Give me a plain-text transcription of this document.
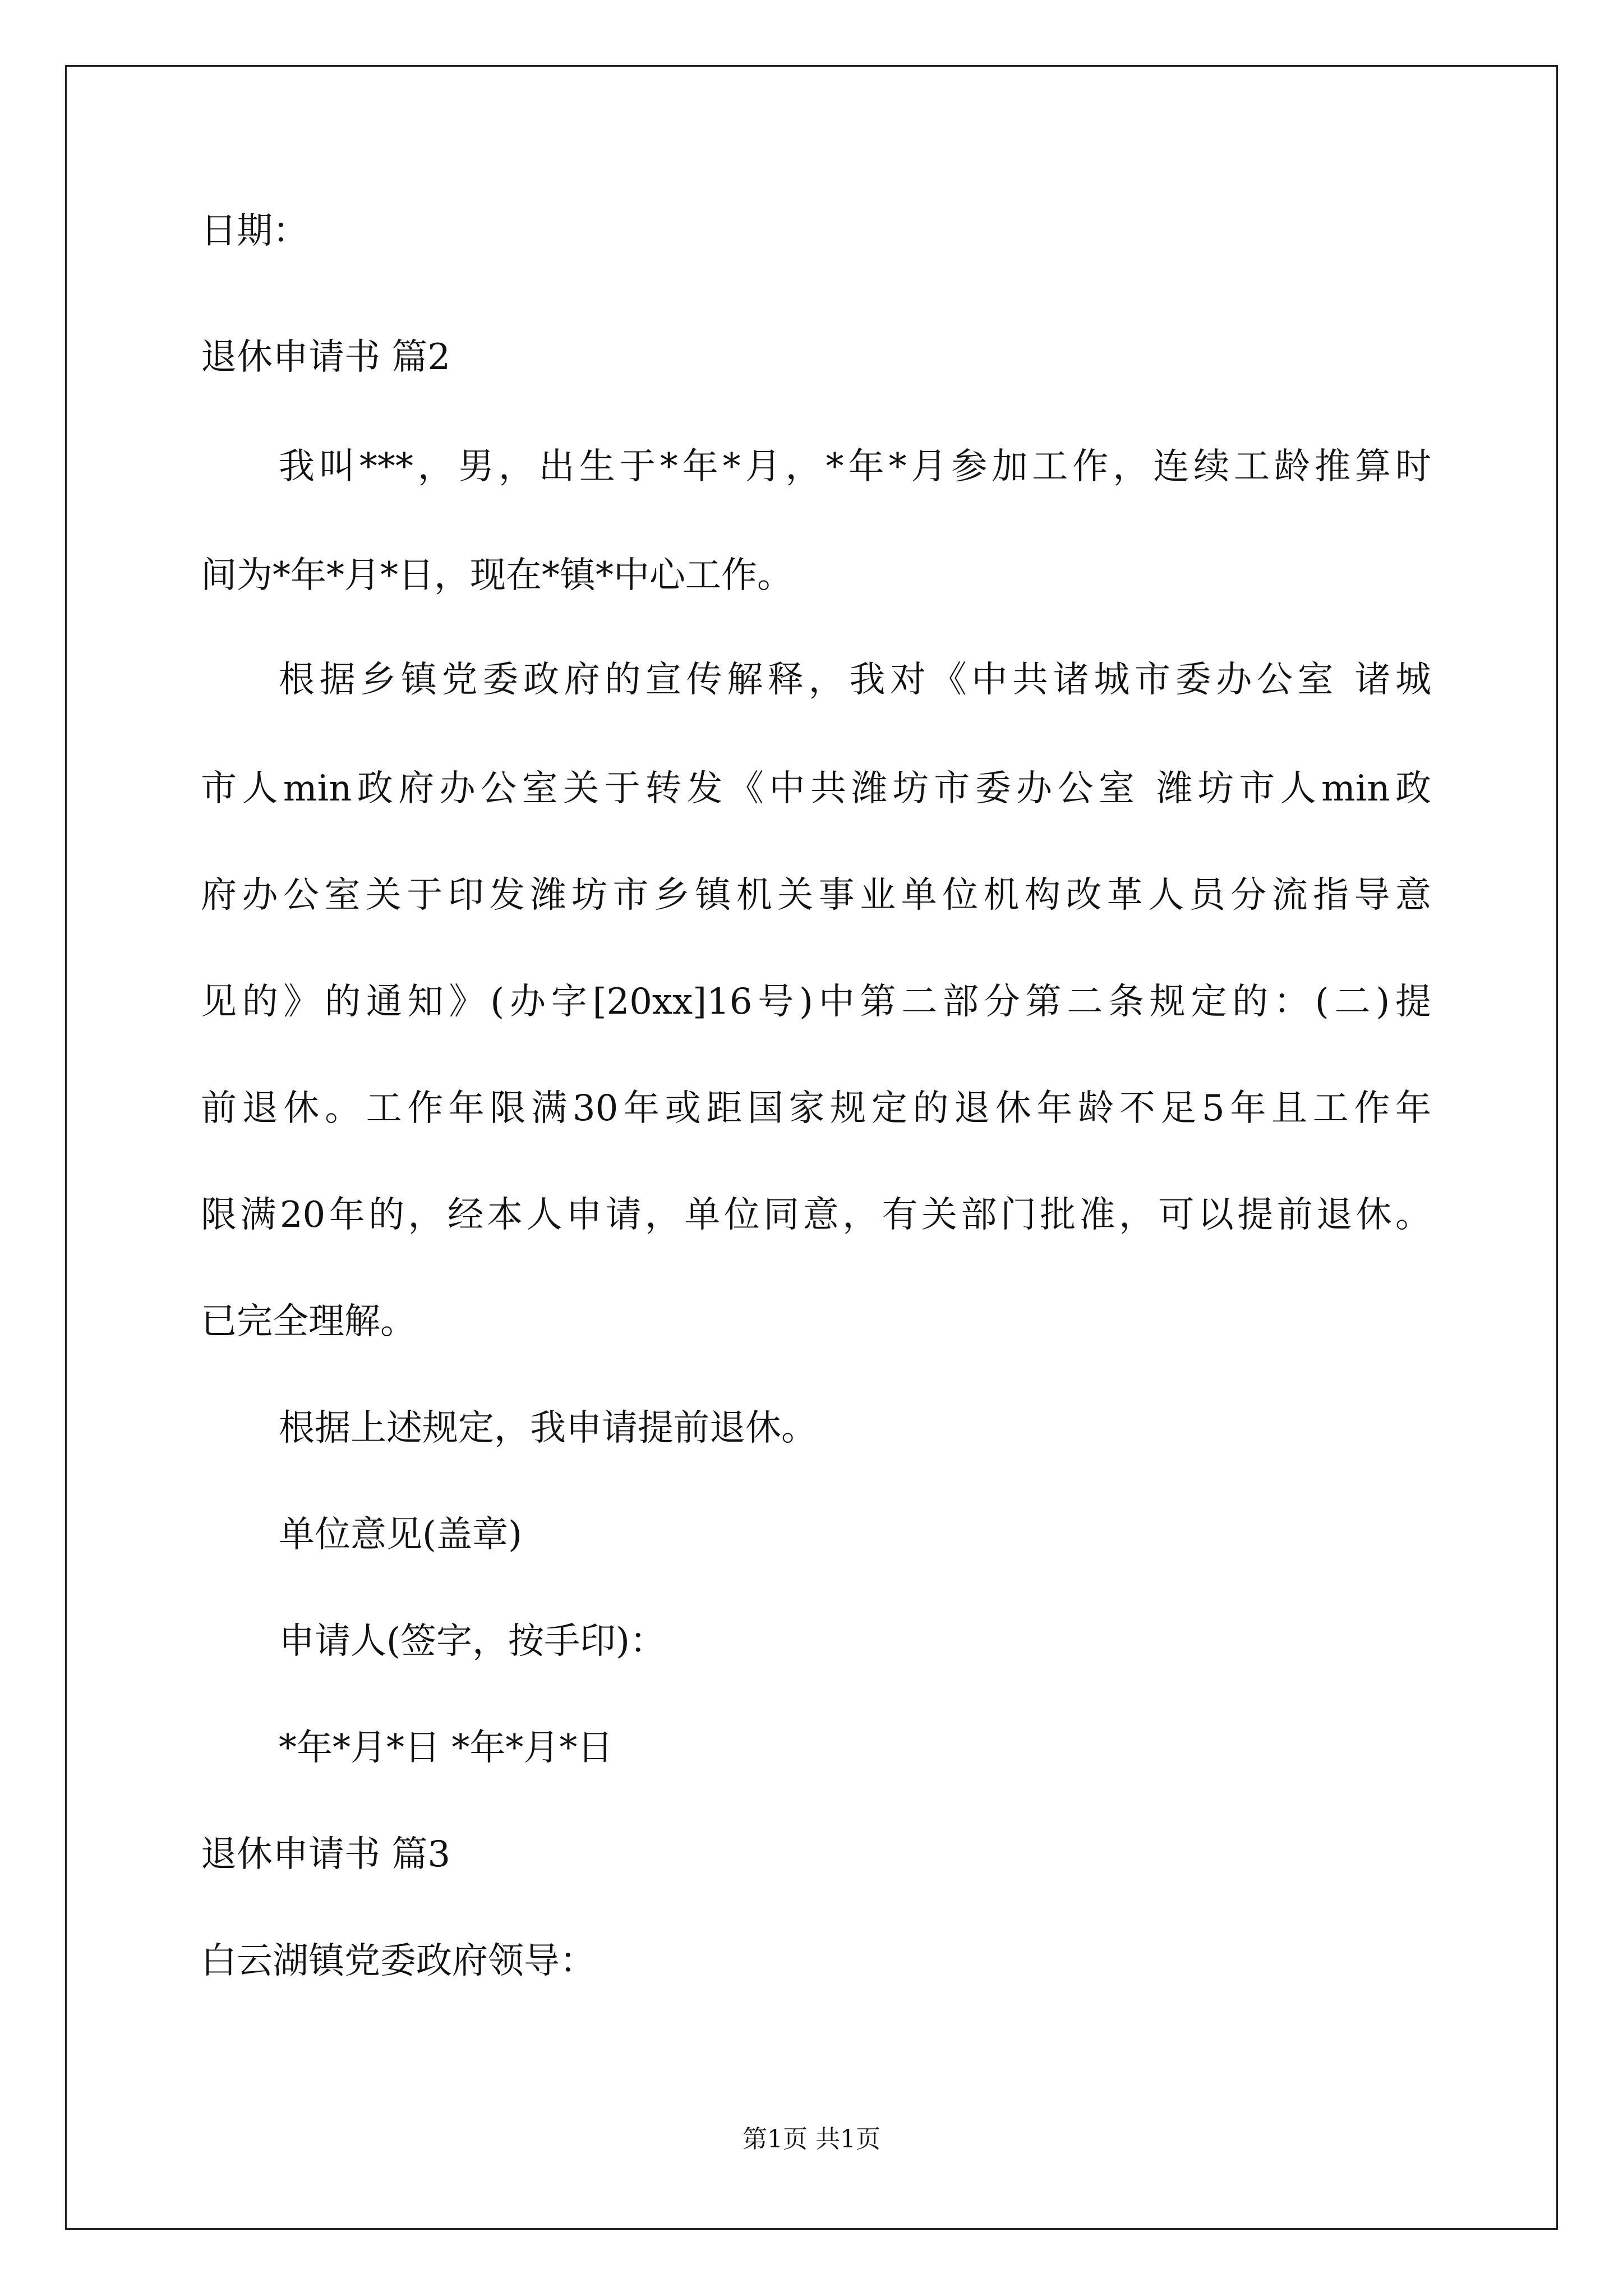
日期：

退休申请书 篇2

我叫***，男，出生于*年*月，*年*月参加工作，连续工龄推算时

间为*年*月*日，现在*镇*中心工作。

根据乡镇党委政府的宣传解释，我对《中共诸城市委办公室 诸城

市人min政府办公室关于转发《中共潍坊市委办公室 潍坊市人min政

府办公室关于印发潍坊市乡镇机关事业单位机构改革人员分流指导意

见的》的通知》(办字[20xx]16号)中第二部分第二条规定的：(二)提

前退休。工作年限满30年或距国家规定的退休年龄不足5年且工作年

限满20年的，经本人申请，单位同意，有关部门批准，可以提前退休。

已完全理解。

根据上述规定，我申请提前退休。

单位意见(盖章)

申请人(签字，按手印)：

*年*月*日 *年*月*日

退休申请书 篇3

白云湖镇党委政府领导：

第1页 共1页
